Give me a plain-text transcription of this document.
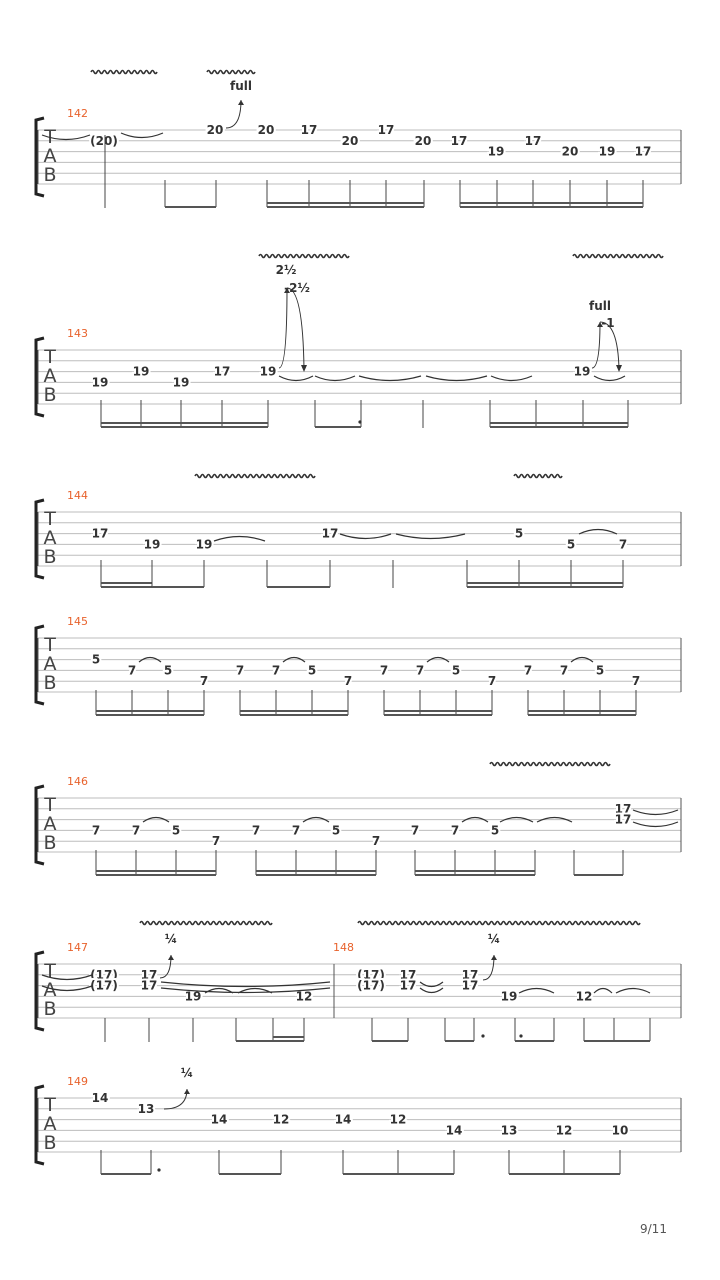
T
A
B
142
(20)
20	20 17
20
17
20 17
19
17
20 19 17
T
A
B
143
19
19
19
17 19	19
T
A
B
144
17
19	19
17	5
5	7
T
A
B
145
5
7 5
7
7 7 5
7
7 7 5
7
7 7 5
7
T
A
B
146
7	7	5
7
7	7	5
7
7	7	5
17
17
T
A
B
147	148
(17)
(17)
17
17
19	12
(17)
(17)
17
17
17
17
19	12
T
A
B
149
14
13
14	12	14	12
14	13	12	10
full
2½
-2½
full
-1
¼	¼
¼
9/11
